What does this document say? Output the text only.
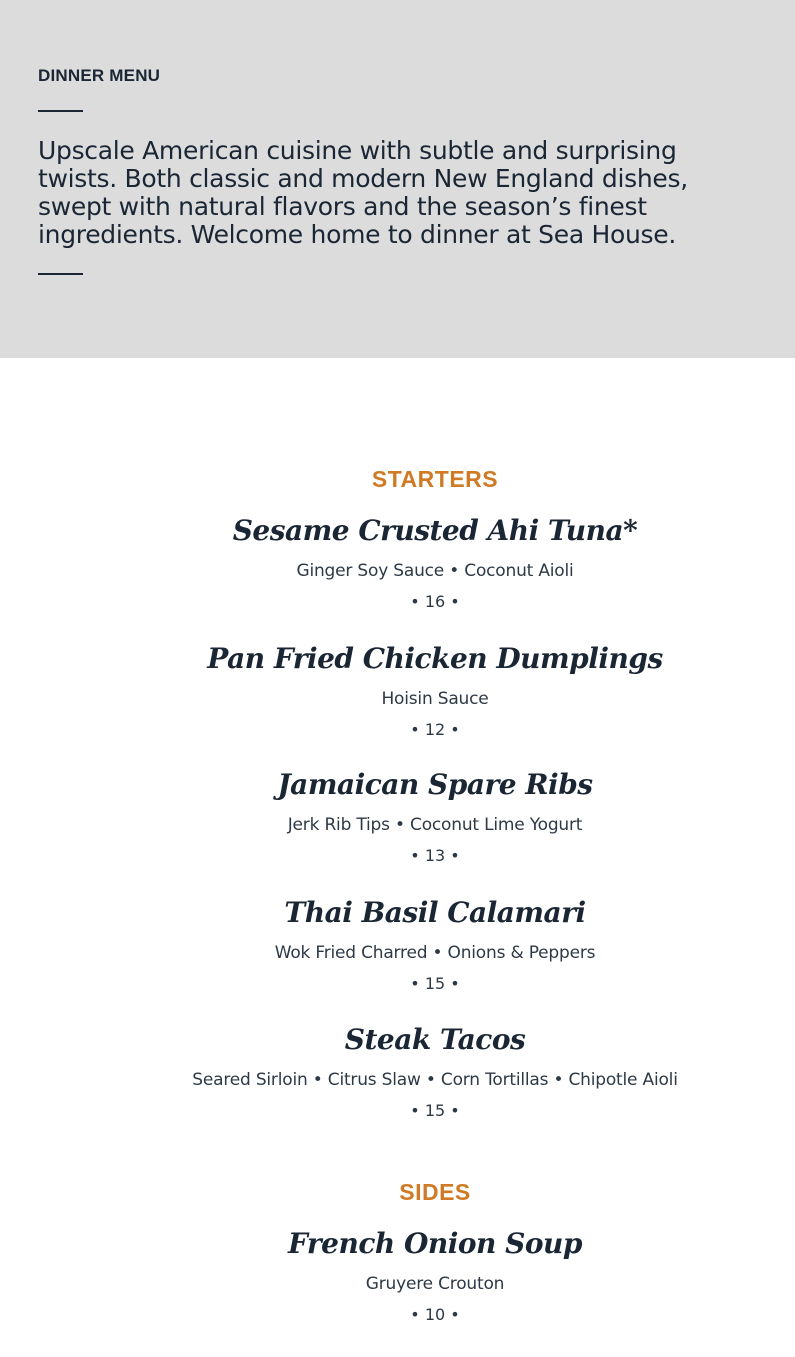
DINNER MENU

Upscale American cuisine with subtle and surprising twists. Both classic and modern New England dishes, swept with natural flavors and the season’s finest ingredients. Welcome home to dinner at Sea House.

STARTERS
Sesame Crusted Ahi Tuna*

Ginger Soy Sauce • Coconut Aioli

• 16 •

Pan Fried Chicken Dumplings

Hoisin Sauce

• 12 •

Jamaican Spare Ribs

Jerk Rib Tips • Coconut Lime Yogurt

• 13 •

Thai Basil Calamari

Wok Fried Charred • Onions & Peppers

• 15 •

Steak Tacos

Seared Sirloin • Citrus Slaw • Corn Tortillas • Chipotle Aioli

• 15 •

SIDES
French Onion Soup

Gruyere Crouton

• 10 •
